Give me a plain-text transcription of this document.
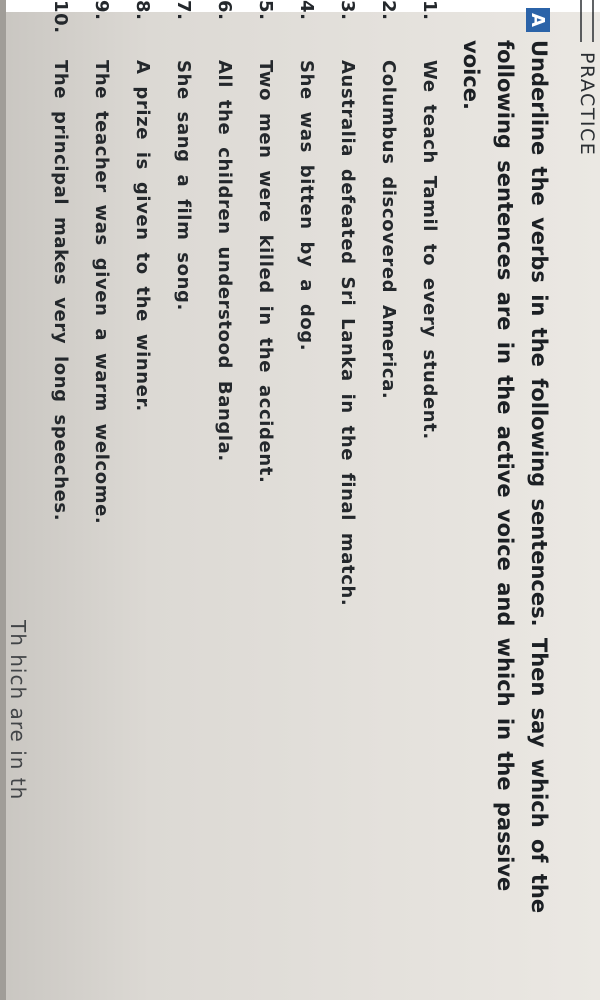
PRACTICE
A
Underline the verbs in the following sentences. Then say which of the following sentences are in the active voice and which in the passive voice.
1.
We teach Tamil to every student.
2.
Columbus discovered America.
3.
Australia defeated Sri Lanka in the final match.
4.
She was bitten by a dog.
5.
Two men were killed in the accident.
6.
All the children understood Bangla.
7.
She sang a film song.
8.
A prize is given to the winner.
9.
The teacher was given a warm welcome.
10.
The principal makes very long speeches.
Th hich are in th
